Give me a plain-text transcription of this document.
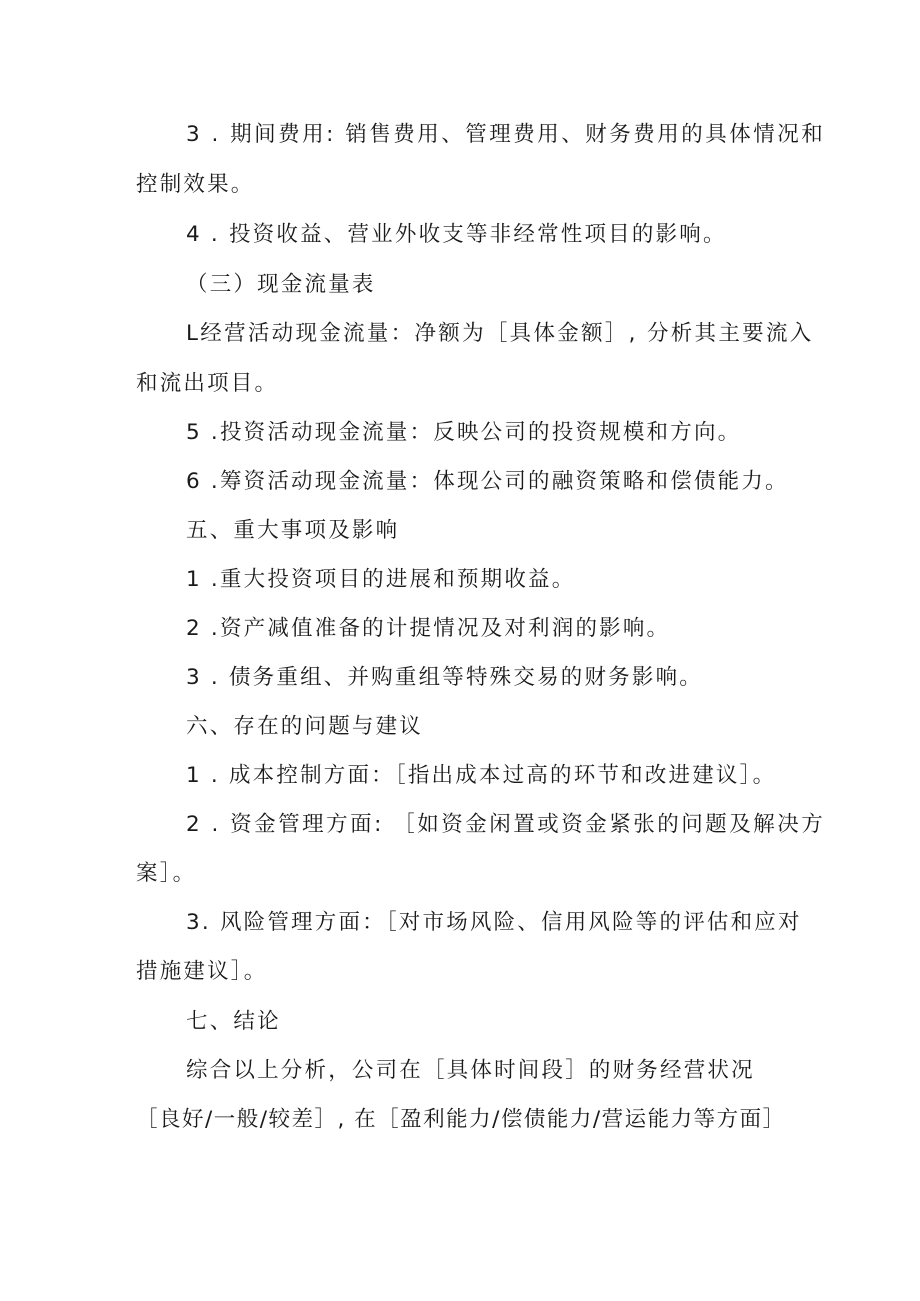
3 . 期间费用: 销售费用、管理费用、财务费用的具体情况和
控制效果。
4 . 投资收益、营业外收支等非经常性项目的影响。
（三）现金流量表
L经营活动现金流量：净额为［具体金额］, 分析其主要流入
和流出项目。
5 .投资活动现金流量：反映公司的投资规模和方向。
6 .筹资活动现金流量：体现公司的融资策略和偿债能力。
五、重大事项及影响
1 .重大投资项目的进展和预期收益。
2 .资产减值准备的计提情况及对利润的影响。
3 . 债务重组、并购重组等特殊交易的财务影响。
六、存在的问题与建议
1 . 成本控制方面：［指出成本过高的环节和改进建议］。
2 . 资金管理方面: ［如资金闲置或资金紧张的问题及解决方
案］。
3. 风险管理方面：［对市场风险、信用风险等的评估和应对
措施建议］。
七、结论
综合以上分析，公司在［具体时间段］的财务经营状况
［良好/一般/较差］, 在［盈利能力/偿债能力/营运能力等方面］
